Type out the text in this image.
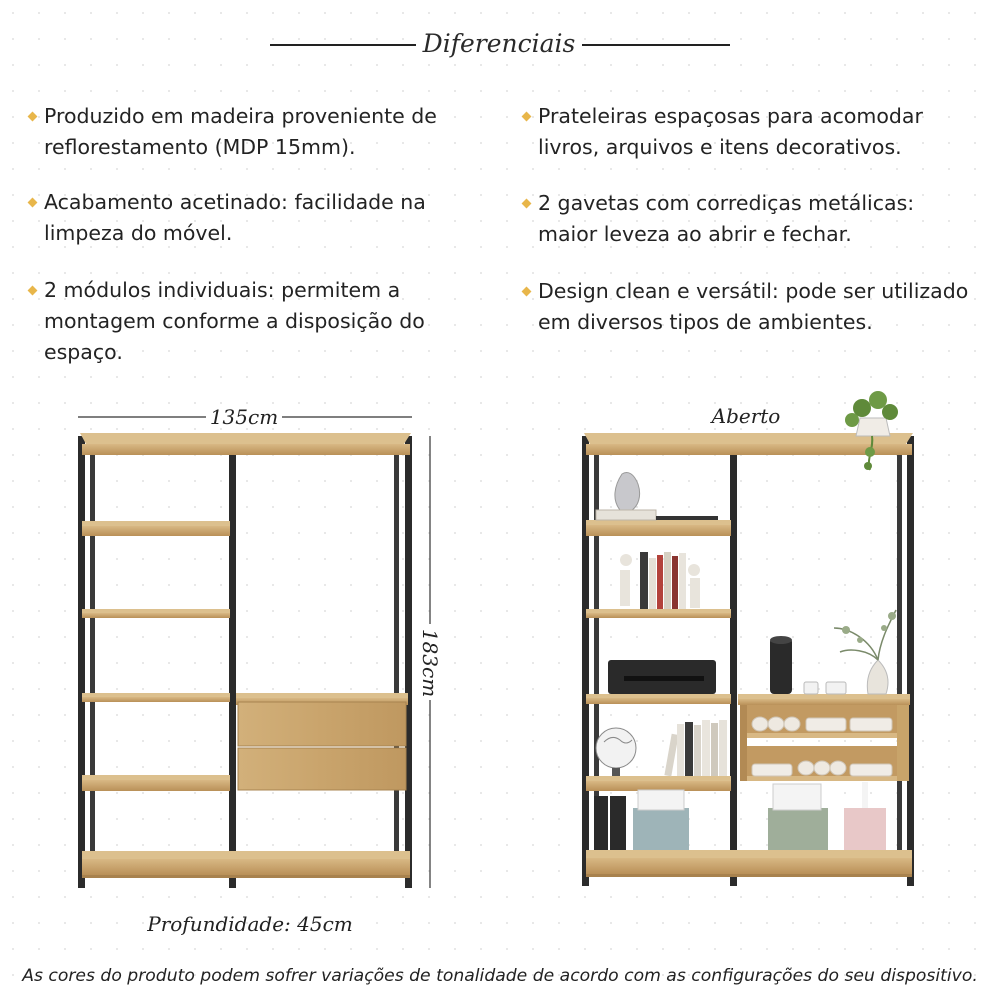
Diferenciais
Produzido em madeira proveniente de
reflorestamento (MDP 15mm).
Acabamento acetinado: facilidade na
limpeza do móvel.
2 módulos individuais: permitem a
montagem conforme a disposição do
espaço.
Prateleiras espaçosas para acomodar
livros, arquivos e itens decorativos.
2 gavetas com corrediças metálicas:
maior leveza ao abrir e fechar.
Design clean e versátil: pode ser utilizado
em diversos tipos de ambientes.
135cm
183cm
Profundidade: 45cm
Aberto
As cores do produto podem sofrer variações de tonalidade de acordo com as configurações do seu dispositivo.
